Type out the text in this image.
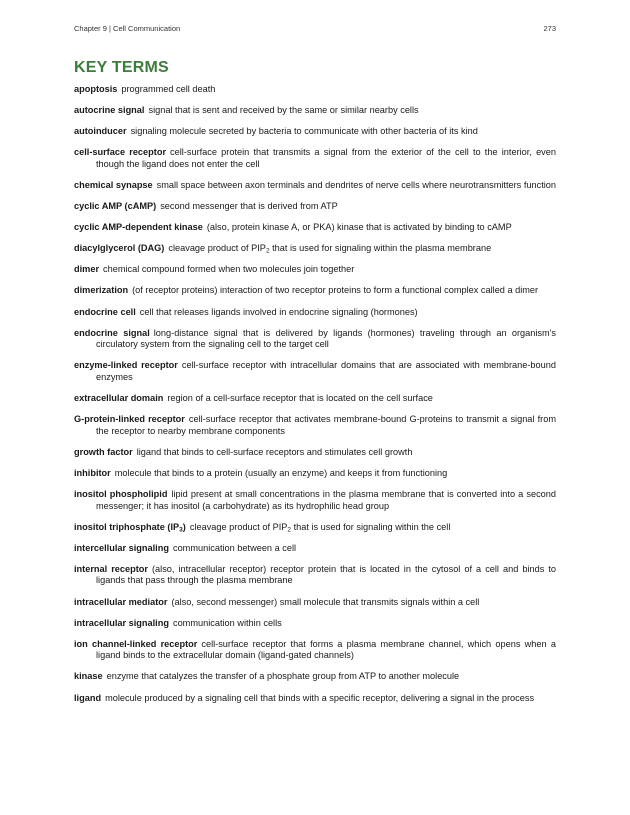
Chapter 9 | Cell Communication	273
KEY TERMS
apoptosis programmed cell death
autocrine signal signal that is sent and received by the same or similar nearby cells
autoinducer signaling molecule secreted by bacteria to communicate with other bacteria of its kind
cell-surface receptor cell-surface protein that transmits a signal from the exterior of the cell to the interior, even though the ligand does not enter the cell
chemical synapse small space between axon terminals and dendrites of nerve cells where neurotransmitters function
cyclic AMP (cAMP) second messenger that is derived from ATP
cyclic AMP-dependent kinase (also, protein kinase A, or PKA) kinase that is activated by binding to cAMP
diacylglycerol (DAG) cleavage product of $PIP_2$ that is used for signaling within the plasma membrane
dimer chemical compound formed when two molecules join together
dimerization (of receptor proteins) interaction of two receptor proteins to form a functional complex called a dimer
endocrine cell cell that releases ligands involved in endocrine signaling (hormones)
endocrine signal long-distance signal that is delivered by ligands (hormones) traveling through an organism's circulatory system from the signaling cell to the target cell
enzyme-linked receptor cell-surface receptor with intracellular domains that are associated with membrane-bound enzymes
extracellular domain region of a cell-surface receptor that is located on the cell surface
G-protein-linked receptor cell-surface receptor that activates membrane-bound G-proteins to transmit a signal from the receptor to nearby membrane components
growth factor ligand that binds to cell-surface receptors and stimulates cell growth
inhibitor molecule that binds to a protein (usually an enzyme) and keeps it from functioning
inositol phospholipid lipid present at small concentrations in the plasma membrane that is converted into a second messenger; it has inositol (a carbohydrate) as its hydrophilic head group
inositol triphosphate $(IP_3)$ cleavage product of $PIP_2$ that is used for signaling within the cell
intercellular signaling communication between a cell
internal receptor (also, intracellular receptor) receptor protein that is located in the cytosol of a cell and binds to ligands that pass through the plasma membrane
intracellular mediator (also, second messenger) small molecule that transmits signals within a cell
intracellular signaling communication within cells
ion channel-linked receptor cell-surface receptor that forms a plasma membrane channel, which opens when a ligand binds to the extracellular domain (ligand-gated channels)
kinase enzyme that catalyzes the transfer of a phosphate group from ATP to another molecule
ligand molecule produced by a signaling cell that binds with a specific receptor, delivering a signal in the process
